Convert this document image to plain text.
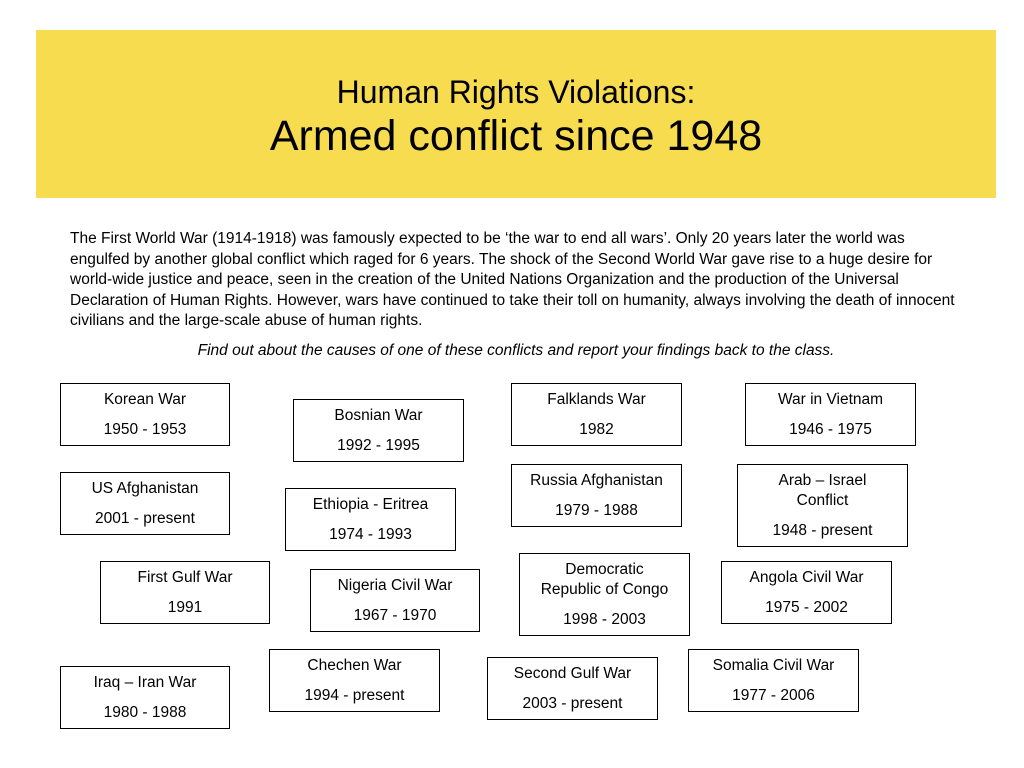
Human Rights Violations:
Armed conflict since 1948

The First World War (1914-1918) was famously expected to be ‘the war to end all wars’. Only 20 years later the world was engulfed by another global conflict which raged for 6 years. The shock of the Second World War gave rise to a huge desire for world-wide justice and peace, seen in the creation of the United Nations Organization and the production of the Universal Declaration of Human Rights. However, wars have continued to take their toll on humanity, always involving the death of innocent civilians and the large-scale abuse of human rights.

Find out about the causes of one of these conflicts and report your findings back to the class.

Korean War
1950 - 1953
US Afghanistan
2001 - present
First Gulf War
1991
Iraq – Iran War
1980 - 1988
Bosnian War
1992 - 1995
Ethiopia - Eritrea
1974 - 1993
Nigeria Civil War
1967 - 1970
Chechen War
1994 - present
Falklands War
1982
Russia Afghanistan
1979 - 1988
Democratic Republic of Congo
1998 - 2003
Second Gulf War
2003 - present
War in Vietnam
1946 - 1975
Arab – Israel Conflict
1948 - present
Angola Civil War
1975 - 2002
Somalia Civil War
1977 - 2006
